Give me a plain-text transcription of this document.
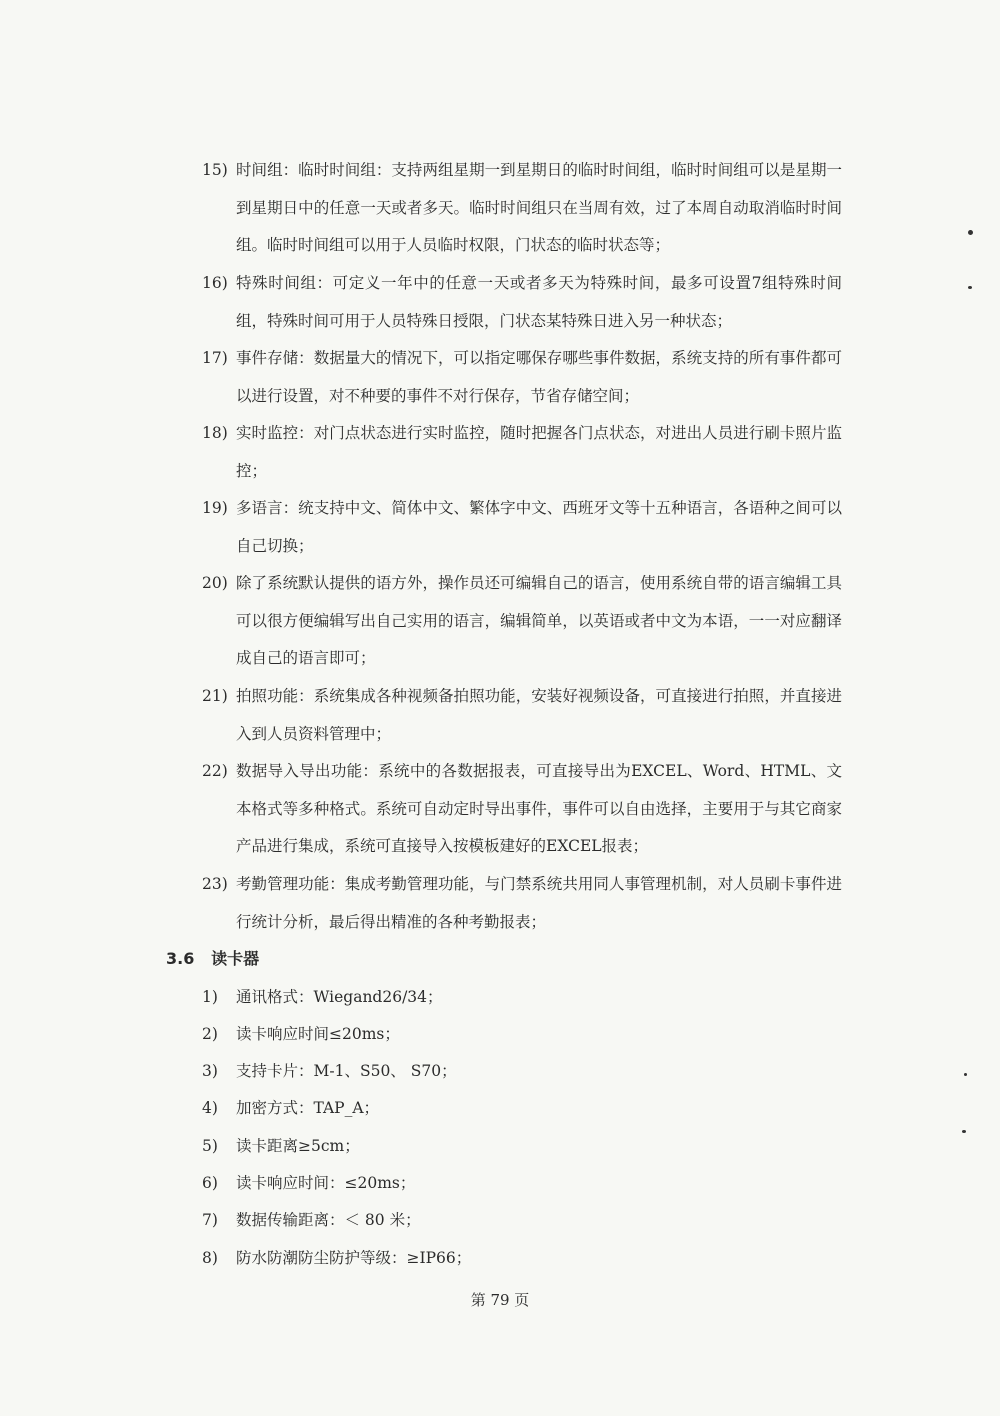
15) 时间组：临时时间组：支持两组星期一到星期日的临时时间组，临时时间组可以是星期一到星期日中的任意一天或者多天。临时时间组只在当周有效，过了本周自动取消临时时间组。临时时间组可以用于人员临时权限，门状态的临时状态等；
16) 特殊时间组：可定义一年中的任意一天或者多天为特殊时间，最多可设置7组特殊时间组，特殊时间可用于人员特殊日授限，门状态某特殊日进入另一种状态；
17) 事件存储：数据量大的情况下，可以指定哪保存哪些事件数据，系统支持的所有事件都可以进行设置，对不种要的事件不对行保存，节省存储空间；
18) 实时监控：对门点状态进行实时监控，随时把握各门点状态，对进出人员进行刷卡照片监控；
19) 多语言：统支持中文、简体中文、繁体字中文、西班牙文等十五种语言，各语种之间可以自己切换；
20) 除了系统默认提供的语方外，操作员还可编辑自己的语言，使用系统自带的语言编辑工具可以很方便编辑写出自己实用的语言，编辑简单，以英语或者中文为本语，一一对应翻译成自己的语言即可；
21) 拍照功能：系统集成各种视频备拍照功能，安装好视频设备，可直接进行拍照，并直接进入到人员资料管理中；
22) 数据导入导出功能：系统中的各数据报表，可直接导出为EXCEL、Word、HTML、文本格式等多种格式。系统可自动定时导出事件，事件可以自由选择，主要用于与其它商家产品进行集成，系统可直接导入按模板建好的EXCEL报表；
23) 考勤管理功能：集成考勤管理功能，与门禁系统共用同人事管理机制，对人员刷卡事件进行统计分析，最后得出精准的各种考勤报表；
3.6 读卡器
1) 通讯格式：Wiegand26/34；
2) 读卡响应时间≤20ms；
3) 支持卡片：M-1、S50、 S70；
4) 加密方式：TAP_A；
5) 读卡距离≥5cm；
6) 读卡响应时间：≤20ms；
7) 数据传输距离：＜ 80 米；
8) 防水防潮防尘防护等级：≥IP66；
第 79 页
